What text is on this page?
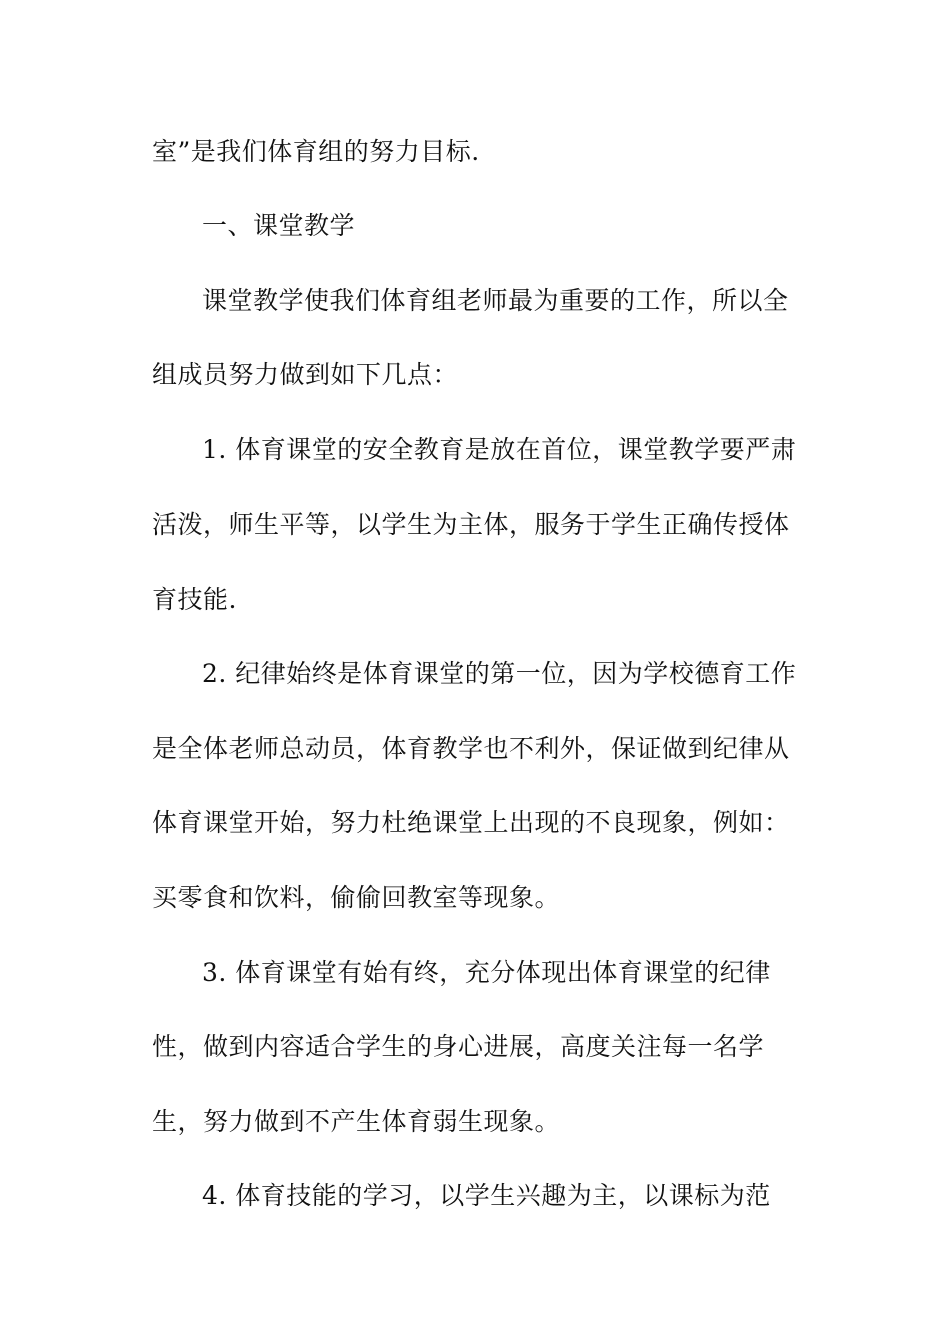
室”是我们体育组的努力目标.
一、课堂教学
课堂教学使我们体育组老师最为重要的工作，所以全
组成员努力做到如下几点：
1. 体育课堂的安全教育是放在首位，课堂教学要严肃
活泼，师生平等，以学生为主体，服务于学生正确传授体
育技能.
2. 纪律始终是体育课堂的第一位，因为学校德育工作
是全体老师总动员，体育教学也不利外，保证做到纪律从
体育课堂开始，努力杜绝课堂上出现的不良现象，例如：
买零食和饮料，偷偷回教室等现象。
3. 体育课堂有始有终，充分体现出体育课堂的纪律
性，做到内容适合学生的身心进展，高度关注每一名学
生，努力做到不产生体育弱生现象。
4. 体育技能的学习，以学生兴趣为主，以课标为范
